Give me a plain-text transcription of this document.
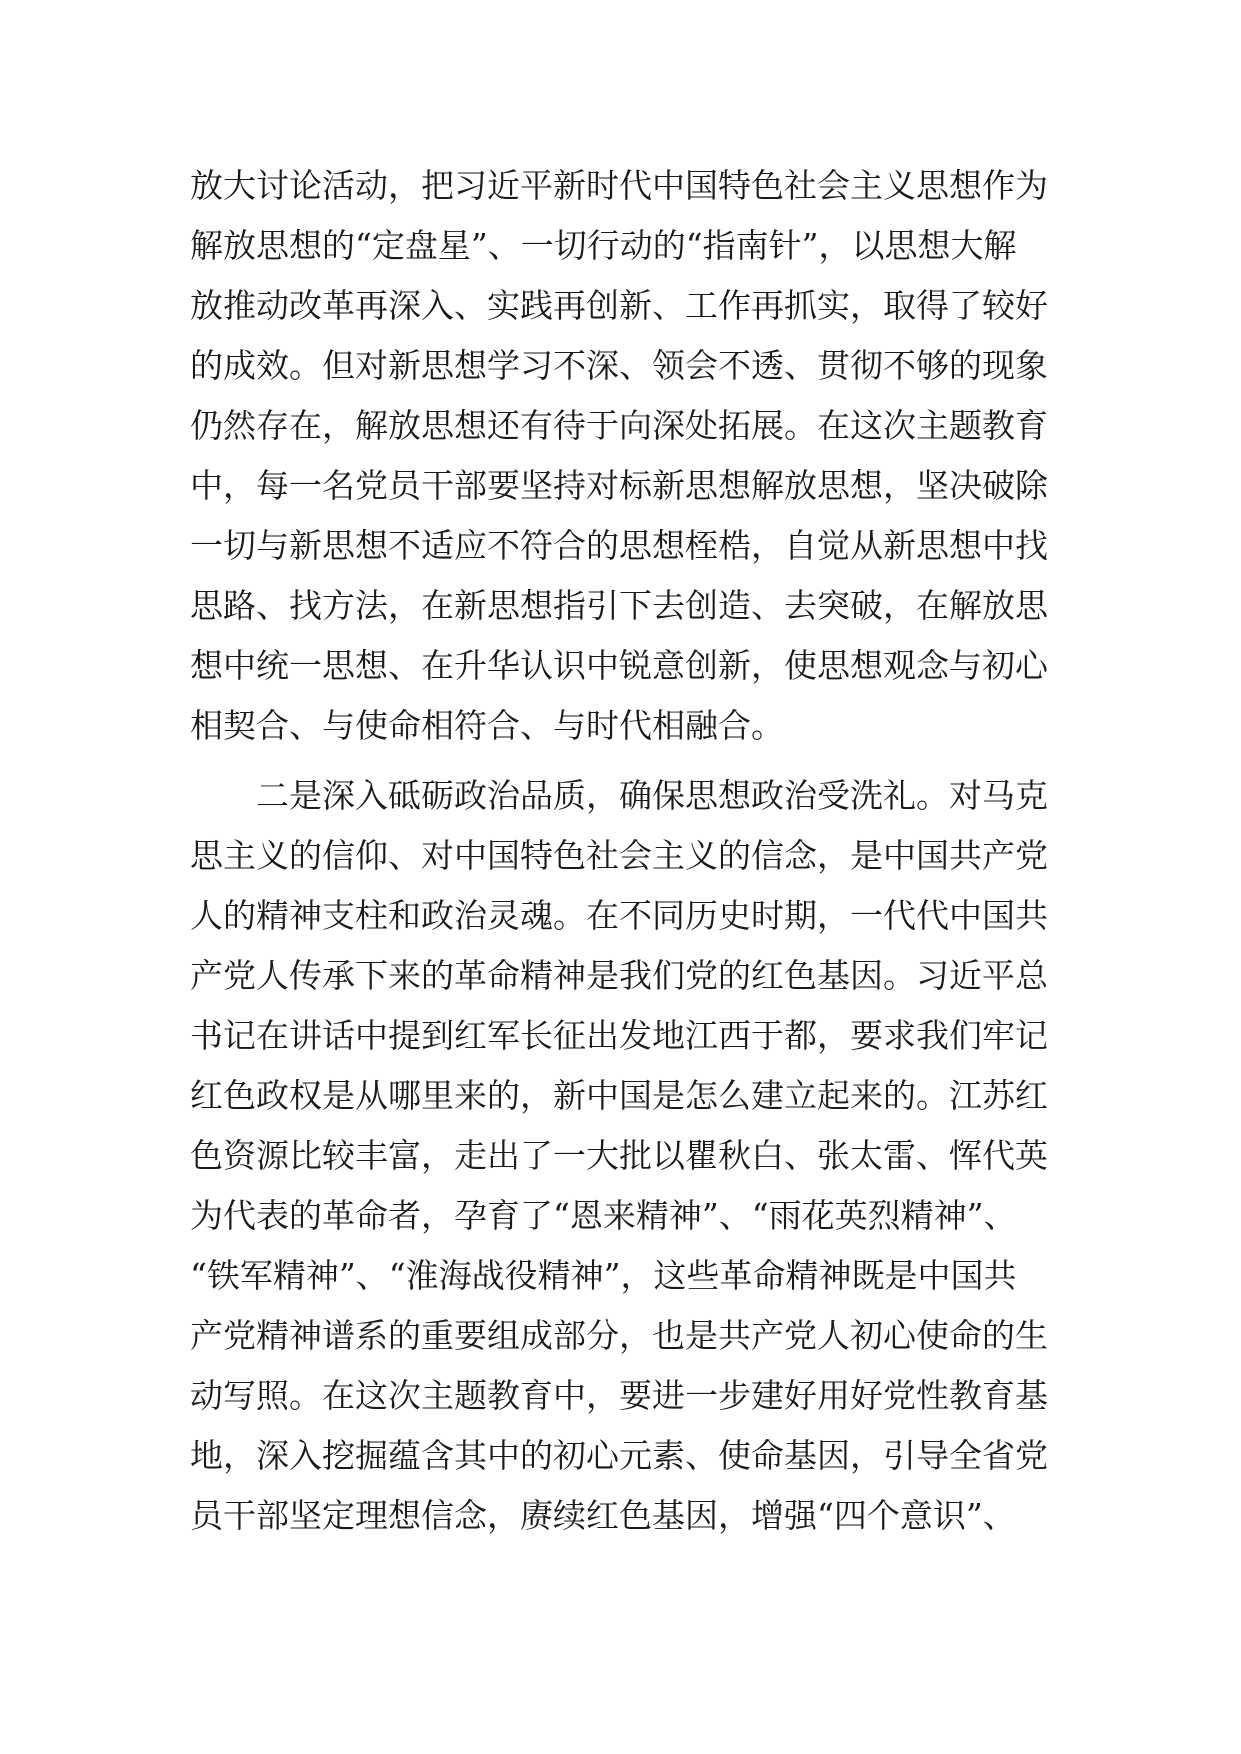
放大讨论活动，把习近平新时代中国特色社会主义思想作为
解放思想的“定盘星”、一切行动的“指南针”，以思想大解
放推动改革再深入、实践再创新、工作再抓实，取得了较好
的成效。但对新思想学习不深、领会不透、贯彻不够的现象
仍然存在，解放思想还有待于向深处拓展。在这次主题教育
中，每一名党员干部要坚持对标新思想解放思想，坚决破除
一切与新思想不适应不符合的思想桎梏，自觉从新思想中找
思路、找方法，在新思想指引下去创造、去突破，在解放思
想中统一思想、在升华认识中锐意创新，使思想观念与初心
相契合、与使命相符合、与时代相融合。
二是深入砥砺政治品质，确保思想政治受洗礼。对马克
思主义的信仰、对中国特色社会主义的信念，是中国共产党
人的精神支柱和政治灵魂。在不同历史时期，一代代中国共
产党人传承下来的革命精神是我们党的红色基因。习近平总
书记在讲话中提到红军长征出发地江西于都，要求我们牢记
红色政权是从哪里来的，新中国是怎么建立起来的。江苏红
色资源比较丰富，走出了一大批以瞿秋白、张太雷、恽代英
为代表的革命者，孕育了“恩来精神”、“雨花英烈精神”、
“铁军精神”、“淮海战役精神”，这些革命精神既是中国共
产党精神谱系的重要组成部分，也是共产党人初心使命的生
动写照。在这次主题教育中，要进一步建好用好党性教育基
地，深入挖掘蕴含其中的初心元素、使命基因，引导全省党
员干部坚定理想信念，赓续红色基因，增强“四个意识”、
